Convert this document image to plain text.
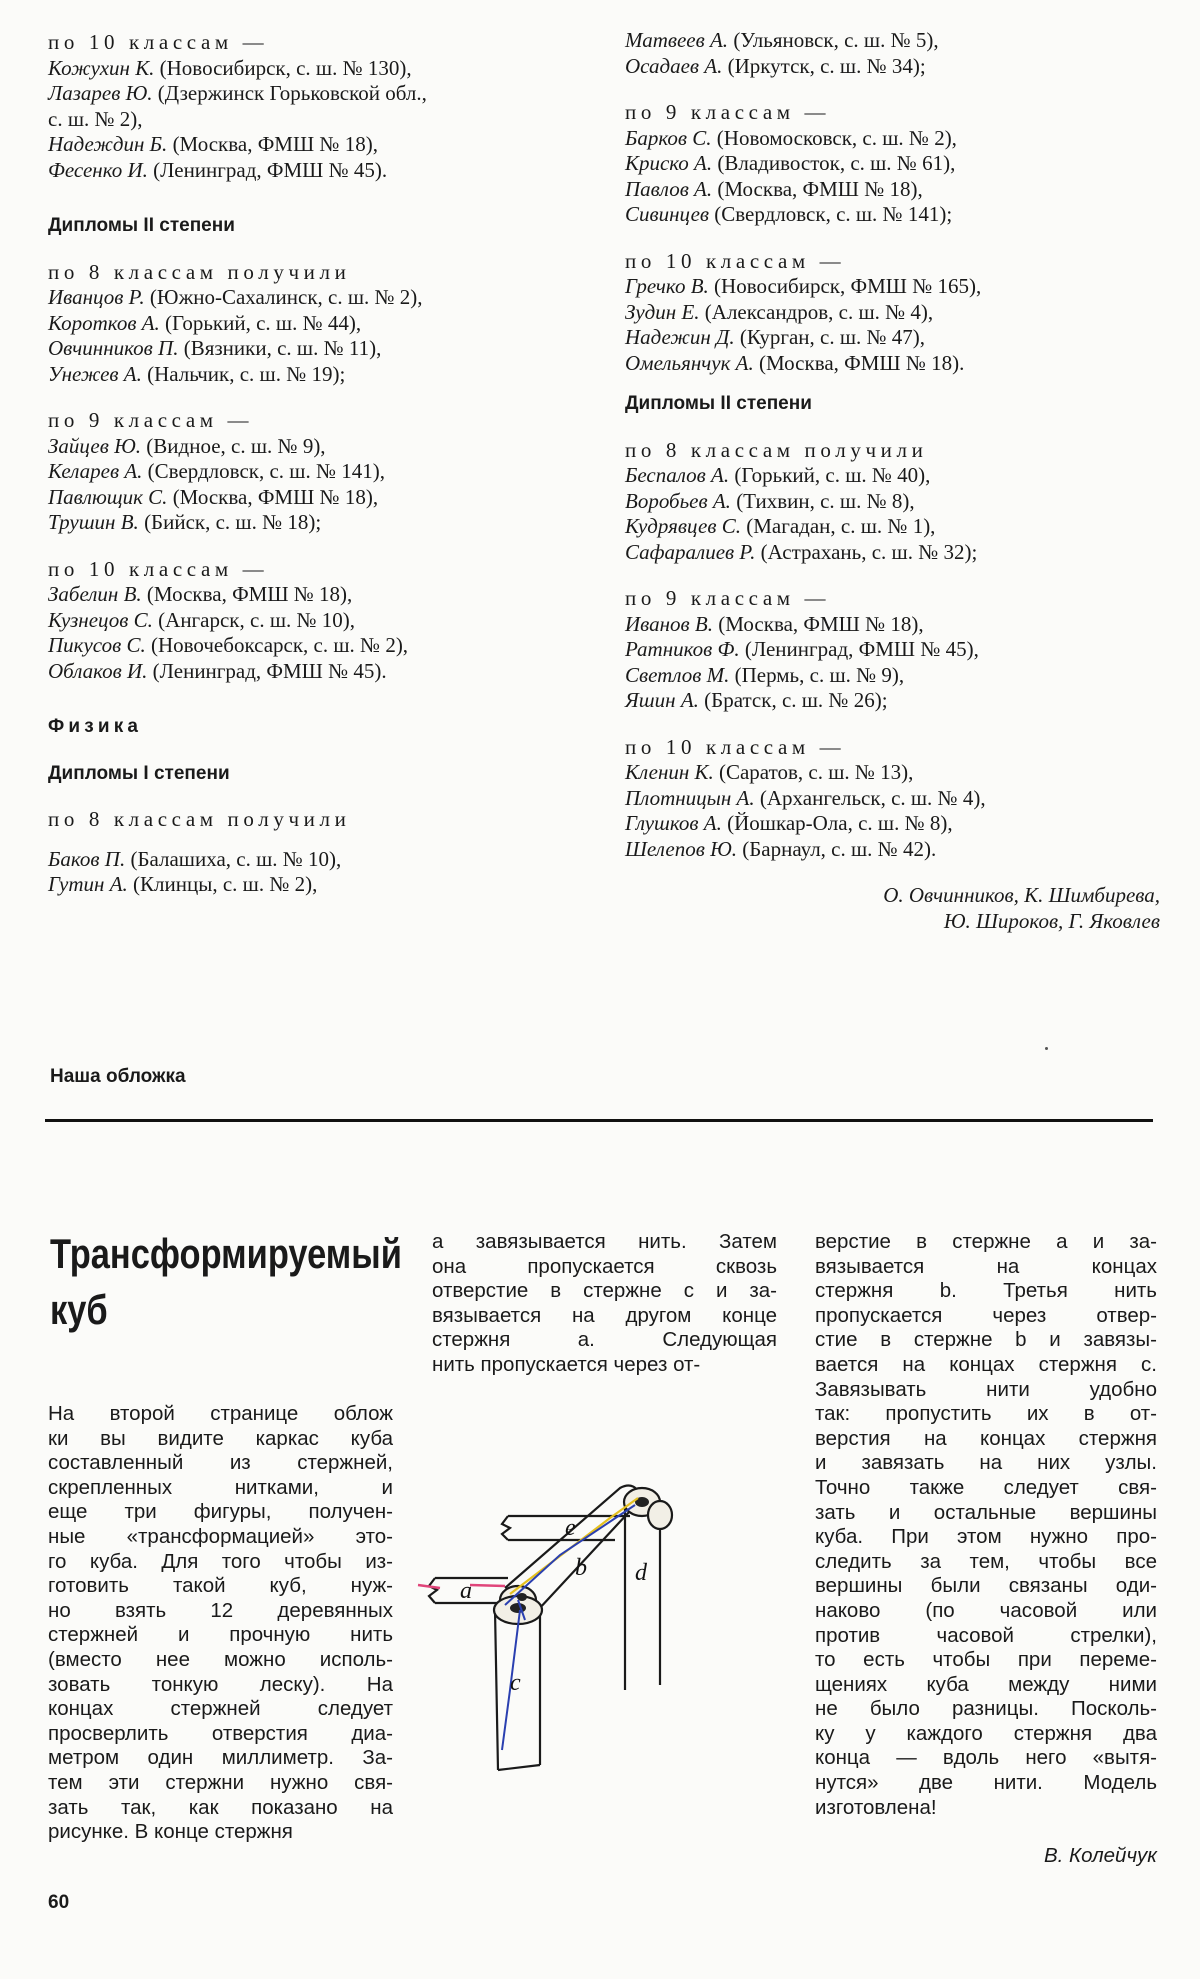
по 10 классам —
Кожухин К. (Новосибирск, с. ш. № 130),
Лазарев Ю. (Дзержинск Горьковской обл.,
с. ш. № 2),
Надеждин Б. (Москва, ФМШ № 18),
Фесенко И. (Ленинград, ФМШ № 45).
Дипломы II степени
по 8 классам получили
Иванцов Р. (Южно-Сахалинск, с. ш. № 2),
Коротков А. (Горький, с. ш. № 44),
Овчинников П. (Вязники, с. ш. № 11),
Унежев А. (Нальчик, с. ш. № 19);
по 9 классам —
Зайцев Ю. (Видное, с. ш. № 9),
Келарев А. (Свердловск, с. ш. № 141),
Павлющик С. (Москва, ФМШ № 18),
Трушин В. (Бийск, с. ш. № 18);
по 10 классам —
Забелин В. (Москва, ФМШ № 18),
Кузнецов С. (Ангарск, с. ш. № 10),
Пикусов С. (Новочебоксарск, с. ш. № 2),
Облаков И. (Ленинград, ФМШ № 45).
Физика
Дипломы I степени
по 8 классам получили
Баков П. (Балашиха, с. ш. № 10),
Гутин А. (Клинцы, с. ш. № 2),
Матвеев А. (Ульяновск, с. ш. № 5),
Осадаев А. (Иркутск, с. ш. № 34);
по 9 классам —
Барков С. (Новомосковск, с. ш. № 2),
Криско А. (Владивосток, с. ш. № 61),
Павлов А. (Москва, ФМШ № 18),
Сивинцев (Свердловск, с. ш. № 141);
по 10 классам —
Гречко В. (Новосибирск, ФМШ № 165),
Зудин Е. (Александров, с. ш. № 4),
Надежин Д. (Курган, с. ш. № 47),
Омельянчук А. (Москва, ФМШ № 18).
Дипломы II степени
по 8 классам получили
Беспалов А. (Горький, с. ш. № 40),
Воробьев А. (Тихвин, с. ш. № 8),
Кудрявцев С. (Магадан, с. ш. № 1),
Сафаралиев Р. (Астрахань, с. ш. № 32);
по 9 классам —
Иванов В. (Москва, ФМШ № 18),
Ратников Ф. (Ленинград, ФМШ № 45),
Светлов М. (Пермь, с. ш. № 9),
Яшин А. (Братск, с. ш. № 26);
по 10 классам —
Кленин К. (Саратов, с. ш. № 13),
Плотницын А. (Архангельск, с. ш. № 4),
Глушков А. (Йошкар-Ола, с. ш. № 8),
Шелепов Ю. (Барнаул, с. ш. № 42).
О. Овчинников, К. Шимбирева,
Ю. Широков, Г. Яковлев
Наша обложка
Трансформируемый
куб
На второй странице облож
ки вы видите каркас куба
составленный из стержней,
скрепленных нитками, и
еще три фигуры, получен-
ные «трансформацией» это-
го куба. Для того чтобы из-
готовить такой куб, нуж-
но взять 12 деревянных
стержней и прочную нить
(вместо нее можно исполь-
зовать тонкую леску). На
концах стержней следует
просверлить отверстия диа-
метром один миллиметр. За-
тем эти стержни нужно свя-
зать так, как показано на
рисунке. В конце стержня
a завязывается нить. Затем
она пропускается сквозь
отверстие в стержне c и за-
вязывается на другом конце
стержня a. Следующая
нить пропускается через от-
верстие в стержне a и за-
вязывается на концах
стержня b. Третья нить
пропускается через отвер-
стие в стержне b и завязы-
вается на концах стержня c.
Завязывать нити удобно
так: пропустить их в от-
верстия на концах стержня
и завязать на них узлы.
Точно также следует свя-
зать и остальные вершины
куба. При этом нужно про-
следить за тем, чтобы все
вершины были связаны оди-
наково (по часовой или
против часовой стрелки),
то есть чтобы при переме-
щениях куба между ними
не было разницы. Посколь-
ку у каждого стержня два
конца — вдоль него «вытя-
нутся» две нити. Модель
изготовлена!
В. Колейчук
e
a
b d
c
60
